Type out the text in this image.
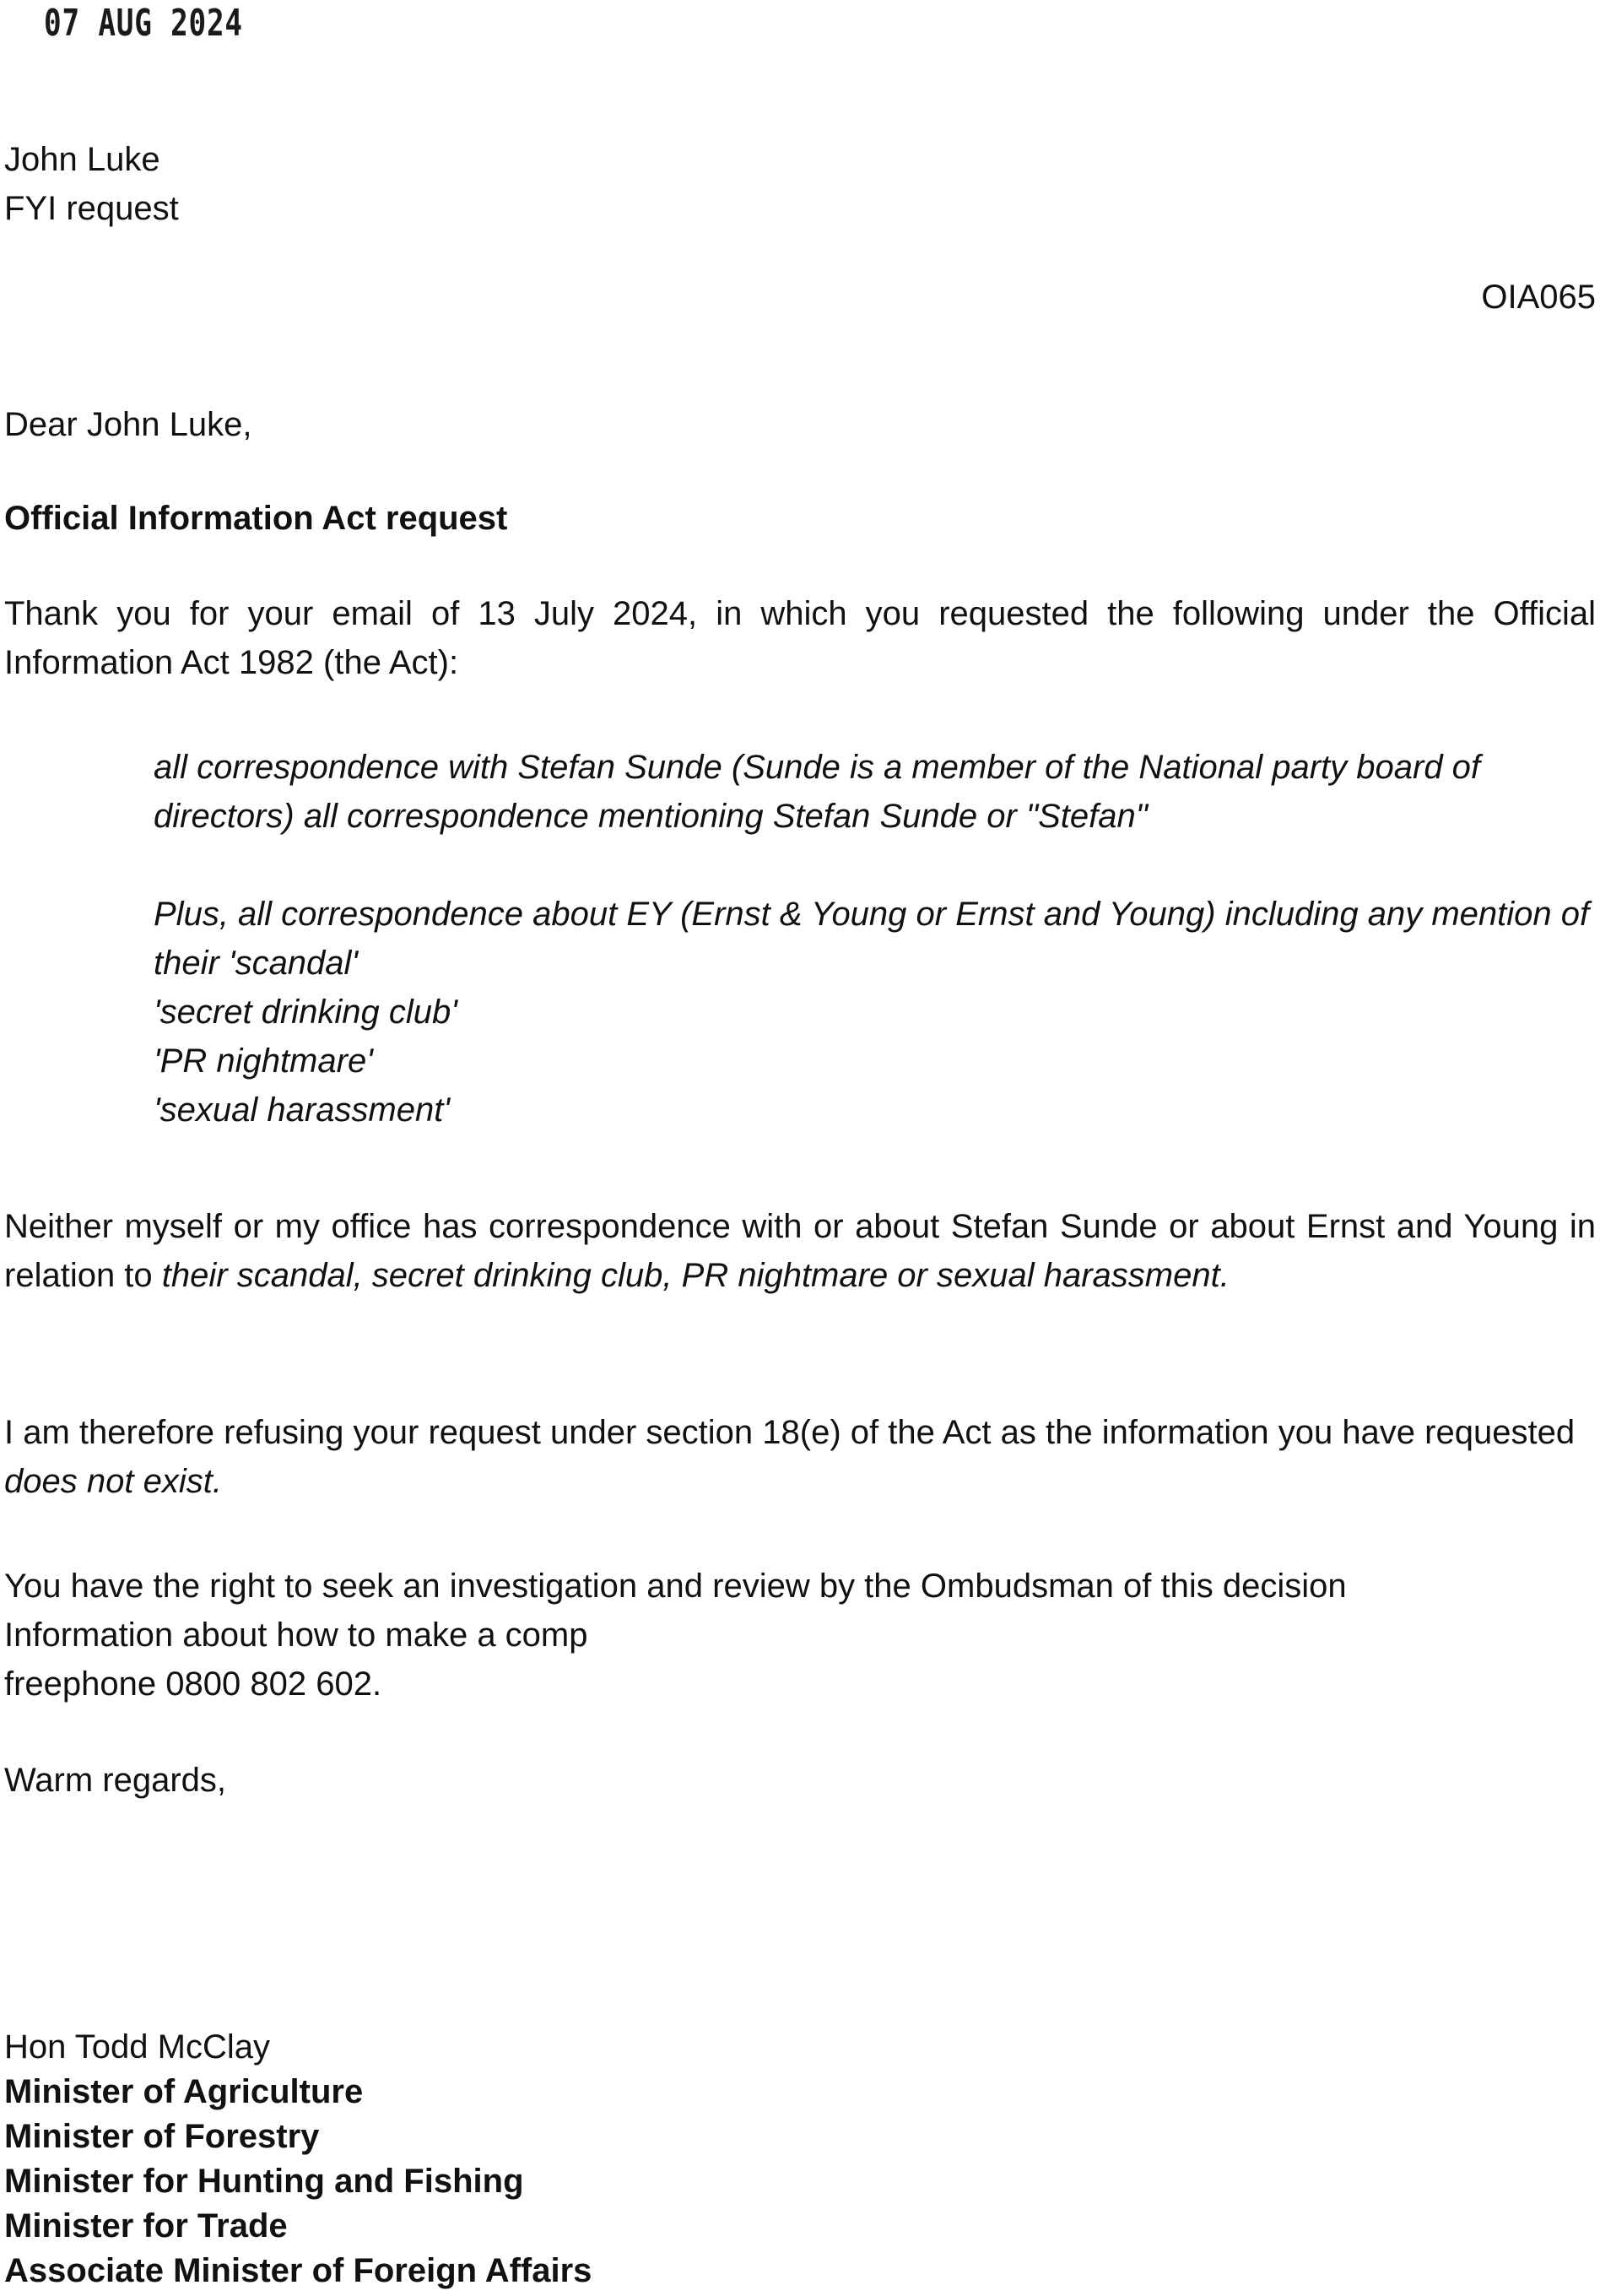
07 AUG 2024
John Luke
FYI request
OIA065

Dear John Luke,

Official Information Act request

Thank you for your email of 13 July 2024, in which you requested the following under the Official Information Act 1982 (the Act):

all correspondence with Stefan Sunde (Sunde is a member of the National party board of directors) all correspondence mentioning Stefan Sunde or "Stefan"

Plus, all correspondence about EY (Ernst & Young or Ernst and Young) including any mention of their 'scandal'

'secret drinking club'

'PR nightmare'

'sexual harassment'

Neither myself or my office has correspondence with or about Stefan Sunde or about Ernst and Young in relation to their scandal, secret drinking club, PR nightmare or sexual harassment.

I am therefore refusing your request under section 18(e) of the Act as the information you have requested does not exist.

You have the right to seek an investigation and review by the Ombudsman of this decision
Information about how to make a comp
freephone 0800 802 602.

Warm regards,

Hon Todd McClay
Minister of Agriculture
Minister of Forestry
Minister for Hunting and Fishing
Minister for Trade
Associate Minister of Foreign Affairs
